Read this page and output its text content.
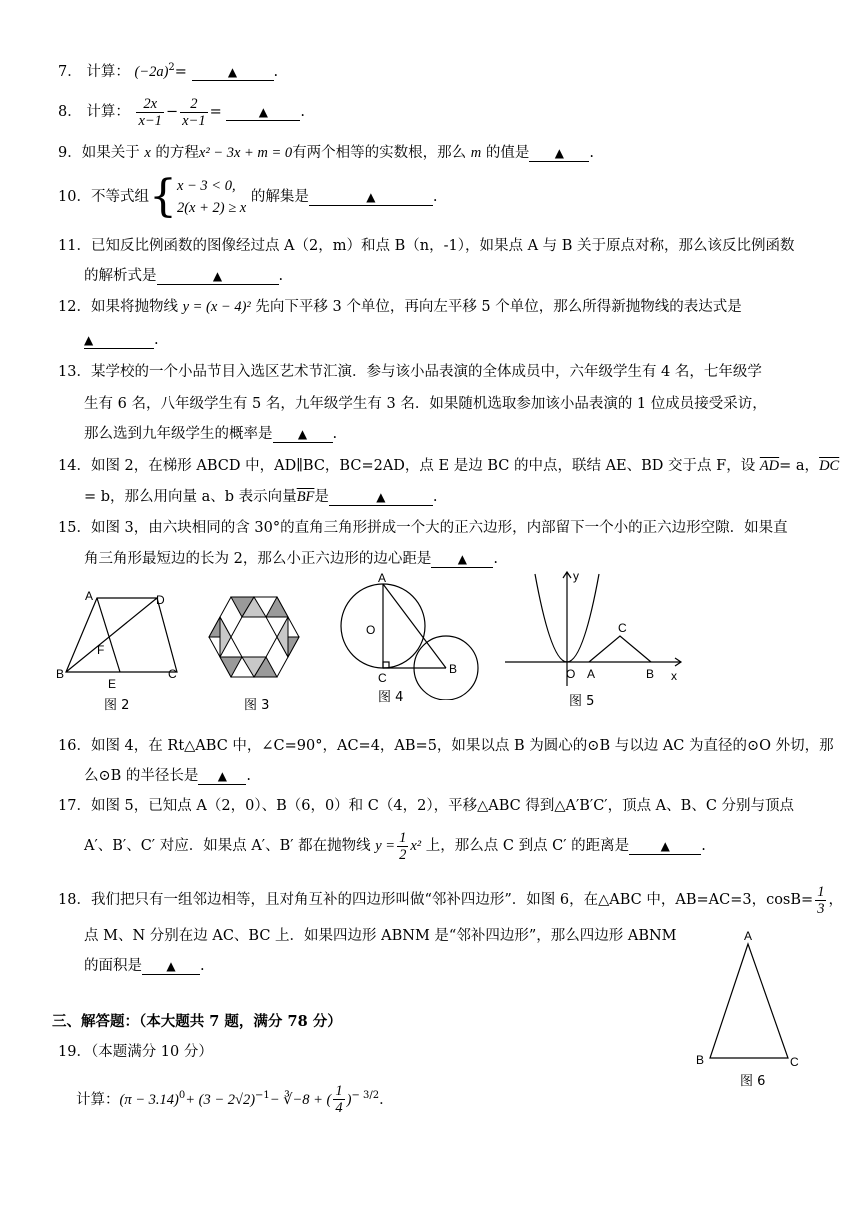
7． 计算： $(-2a)^2=$	▲	.
8． 计算： $\frac{2x}{x-1} - \frac{2}{x-1}$ =	▲ .
9．如果关于 x 的方程x² − 3x + m = 0有两个相等的实数根，那么 m 的值是 ▲ .
10．不等式组{ x − 3 < 0,
2(x + 2) ≥ x
的解集是	▲	.
11．已知反比例函数的图像经过点 A（2，m）和点 B（n，-1），如果点 A 与 B 关于原点对称，那么该反比例函数
的解析式是	▲	.
12．如果将抛物线 y = (x − 4)² 先向下平移 3 个单位，再向左平移 5 个单位，那么所得新抛物线的表达式是
▲	.
13．某学校的一个小品节目入选区艺术节汇演．参与该小品表演的全体成员中，六年级学生有 4 名，七年级学
生有 6 名，八年级学生有 5 名，九年级学生有 3 名．如果随机选取参加该小品表演的 1 位成员接受采访，
那么选到九年级学生的概率是 ▲ .
14．如图 2，在梯形 ABCD 中，AD∥BC，BC=2AD，点 E 是边 BC 的中点，联结 AE、BD 交于点 F，设 $\overline{AD}= a$，$\overline{DC}$
= b，那么用向量 a、b 表示向量$\overline{BF}$是	▲	.
15．如图 3，由六块相同的含 30°的直角三角形拼成一个大的正六边形，内部留下一个小的正六边形空隙．如果直
角三角形最短边的长为 2，那么小正六边形的边心距是 ▲ .
A	D
B	C
E
F
图 2	图 3
A
O
B
C
图 4
y
x
O A	B
C
图 5
16．如图 4，在 Rt△ABC 中，∠C=90°，AC=4，AB=5，如果以点 B 为圆心的⊙B 与以边 AC 为直径的⊙O 外切，那
么⊙B 的半径长是 ▲ .
17．如图 5，已知点 A（2，0）、B（6，0）和 C（4，2），平移△ABC 得到△A′B′C′，顶点 A、B、C 分别与顶点
A′、B′、C′ 对应．如果点 A′、B′ 都在抛物线 $y = \frac{1}{2} x^2$ 上，那么点 C 到点 C′ 的距离是	▲ .
18．我们把只有一组邻边相等，且对角互补的四边形叫做“邻补四边形”．如图 6，在△ABC 中，AB=AC=3，$\cos B= \frac{1}{3}$ ，
点 M、N 分别在边 AC、BC 上．如果四边形 ABNM 是“邻补四边形”，那么四边形 ABNM
的面积是 ▲ .
A
B	C
图 6
三、解答题：（本大题共 7 题，满分 78 分）
19．（本题满分 10 分）
计算：$(\pi - 3.14)^0+ (3 - 2√2)^{-1}-$ ∛−8 + ( $\frac{1}{4} )^{- 3/2}$．
